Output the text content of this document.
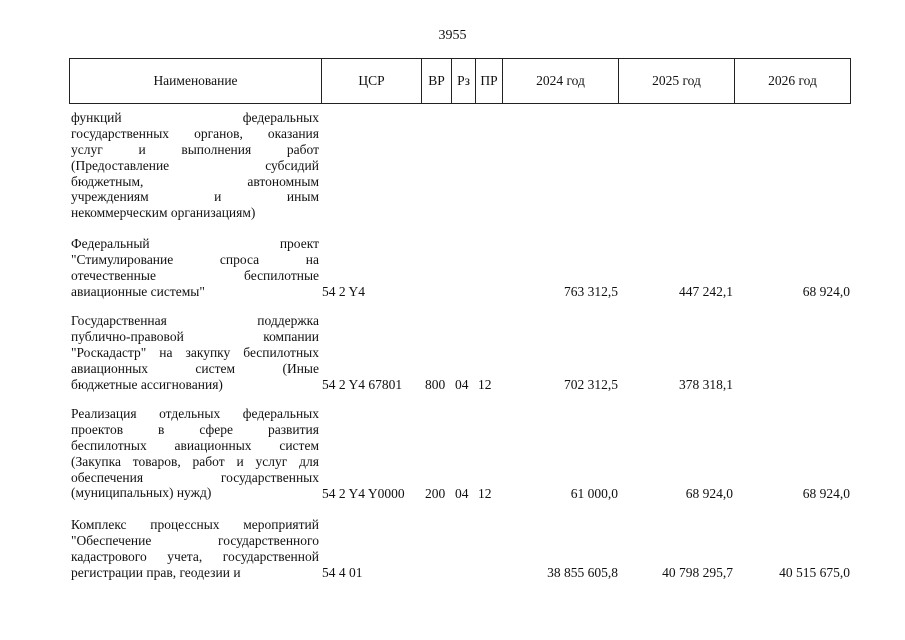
3955
Наименование	ЦСР	ВР Рз ПР	2024 год	2025 год	2026 год
функций федеральных
государственных органов, оказания
услуг и выполнения работ
(Предоставление субсидий
бюджетным, автономным
учреждениям и иным
некоммерческим организациям)
Федеральный проект
"Стимулирование спроса на
отечественные беспилотные
авиационные системы"	54 2 Y4	763 312,5	447 242,1	68 924,0
Государственная поддержка
публично-правовой компании
"Роскадастр" на закупку беспилотных
авиационных систем (Иные
бюджетные ассигнования)	54 2 Y4 67801 800 04 12	702 312,5	378 318,1
Реализация отдельных федеральных
проектов в сфере развития
беспилотных авиационных систем
(Закупка товаров, работ и услуг для
обеспечения государственных
(муниципальных) нужд)	54 2 Y4 Y0000 200 04 12	61 000,0	68 924,0	68 924,0
Комплекс процессных мероприятий
"Обеспечение государственного
кадастрового учета, государственной
регистрации прав, геодезии и	54 4 01	38 855 605,8	40 798 295,7	40 515 675,0
